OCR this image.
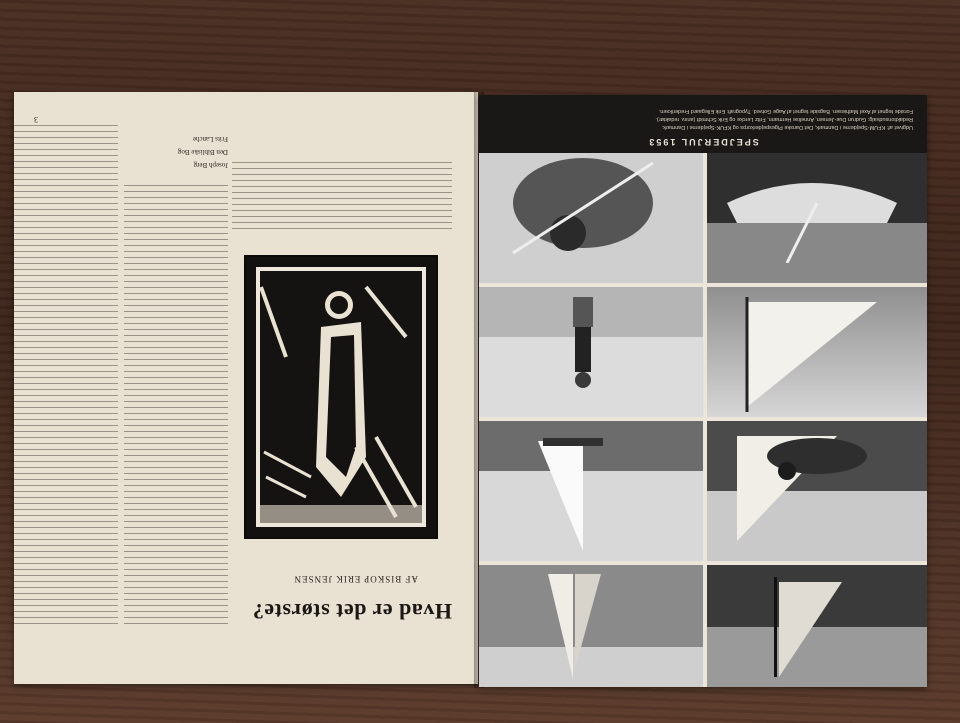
Hvad er det største?
AF BISKOP ERIK JENSEN
Joseph Berg
Den Bibliske Bog
Frits Lanche
3
SPEJDERJUL 1953
Udgivet af: KFUM-Spejderne i Danmark, Det Danske Pigespejderkorps og KFUK-Spejderne i Danmark.
Redaktionsudvalg: Gudrun Due-Jensen, Annelise Hermann, Fritz Lercke og Erik Schmidt (ansv. redaktør).
Forside tegnet af Axel Mathiesen. Bagside tegnet af Aage Gotved. Typografi: Erik Ellegaard Frederiksen.
